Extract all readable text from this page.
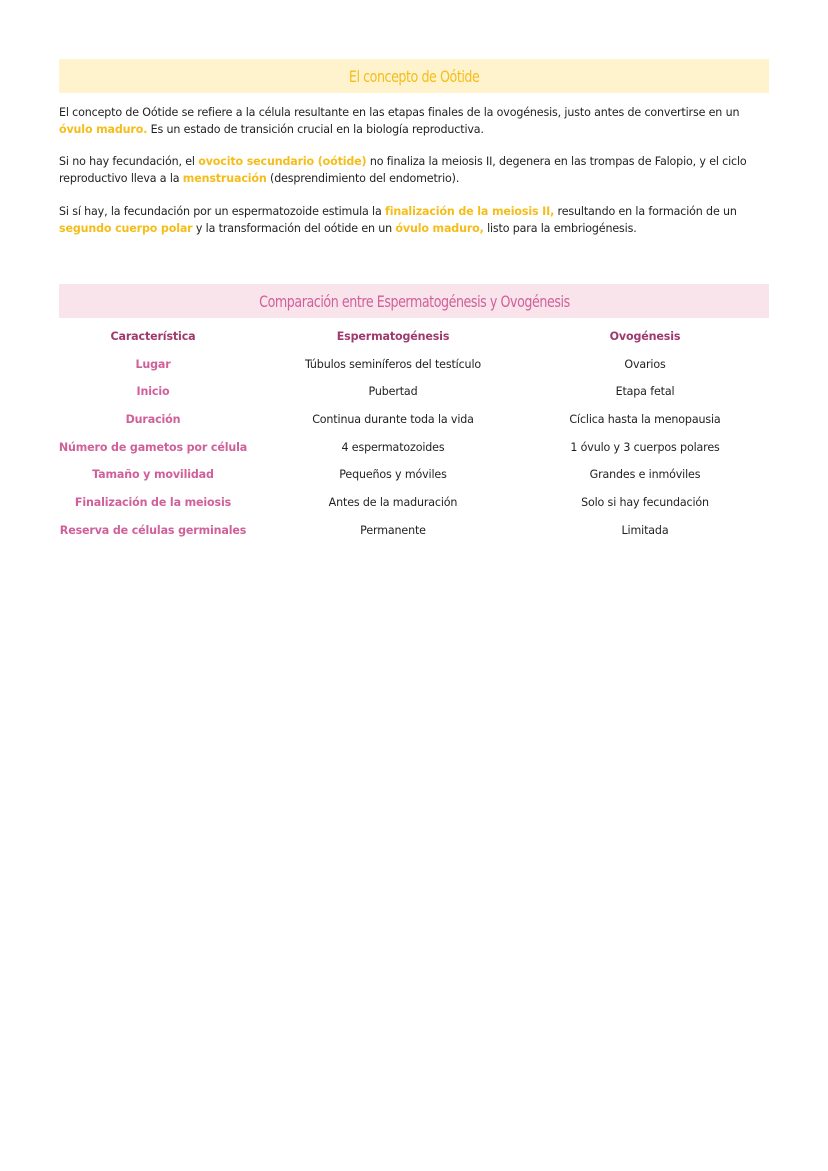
El concepto de Oótide

El concepto de Oótide se refiere a la célula resultante en las etapas finales de la ovogénesis, justo antes de convertirse en un óvulo maduro. Es un estado de transición crucial en la biología reproductiva.

Si no hay fecundación, el ovocito secundario (oótide) no finaliza la meiosis II, degenera en las trompas de Falopio, y el ciclo reproductivo lleva a la menstruación (desprendimiento del endometrio).

Si sí hay, la fecundación por un espermatozoide estimula la finalización de la meiosis II, resultando en la formación de un segundo cuerpo polar y la transformación del oótide en un óvulo maduro, listo para la embriogénesis.

Comparación entre Espermatogénesis y Ovogénesis
Característica	Espermatogénesis	Ovogénesis
Lugar	Túbulos seminíferos del testículo	Ovarios
Inicio	Pubertad	Etapa fetal
Duración	Continua durante toda la vida	Cíclica hasta la menopausia
Número de gametos por célula	4 espermatozoides	1 óvulo y 3 cuerpos polares
Tamaño y movilidad	Pequeños y móviles	Grandes e inmóviles
Finalización de la meiosis	Antes de la maduración	Solo si hay fecundación
Reserva de células germinales	Permanente	Limitada
